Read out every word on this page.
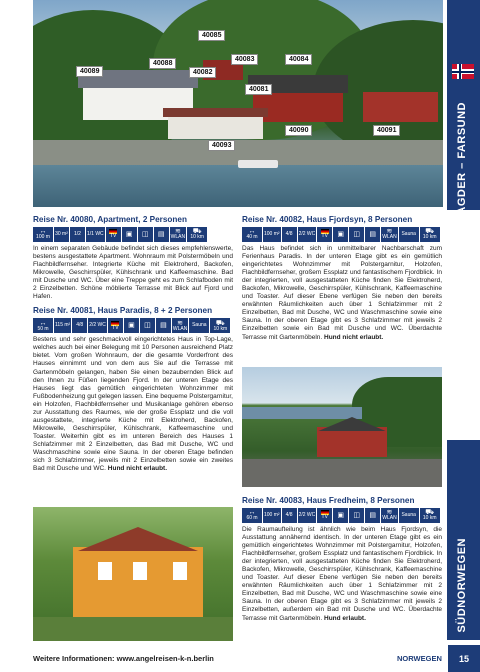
40085
40088
40083	40084
40089	40082
40081
40090	40091
40093	AGDER – FARSUND
SÜDNORWEGEN
Reise Nr. 40080, Apartment, 2 Personen
↔
100 m
30 m² 1/2 1/1 WC TV ▣ ◫ ▤ ≋
WLAN
⛟
10 km

In einem separaten Gebäude befindet sich dieses empfehlenswerte, bestens ausgestattete Apartment. Wohnraum mit Polstermöbeln und Flachbildfernseher. Integrierte Küche mit Elektroherd, Backofen, Mikrowelle, Geschirrspüler, Kühlschrank und Kaffeemaschine. Bad mit Dusche und WC. Über eine Treppe geht es zum Schlafboden mit 2 Einzelbetten. Schöne möblierte Terrasse mit Blick auf Fjord und Hafen.

Reise Nr. 40081, Haus Paradis, 8 + 2 Personen
↔
50 m
115 m² 4/8 2/2 WC TV ▣ ◫ ▤ ≋
WLAN
Sauna ⛟
10 km

Bestens und sehr geschmackvoll eingerichtetes Haus in Top-Lage, welches auch bei einer Belegung mit 10 Personen ausreichend Platz bietet. Vom großen Wohnraum, der die gesamte Vorderfront des Hauses einnimmt und von dem aus Sie auf die Terrasse mit Gartenmöbeln gelangen, haben Sie einen bezaubernden Blick auf den Ihnen zu Füßen liegenden Fjord. In der unteren Etage des Hauses liegt das gemütlich eingerichteten Wohnzimmer mit Fußbodenheizung gut gelegen lassen. Eine bequeme Polstergarnitur, ein Holzofen, Flachbildfernseher und Musikanlage gehören ebenso zur Ausstattung des Raumes, wie der große Essplatz und die voll ausgestattete, integrierte Küche mit Elektroherd, Backofen, Mikrowelle, Geschirrspüler, Kühlschrank, Kaffeemaschine und Toaster. Weiterhin gibt es im unteren Bereich des Hauses 1 Schlafzimmer mit 2 Einzelbetten, das Bad mit Dusche, WC und Waschmaschine sowie eine Sauna. In der oberen Etage befinden sich 3 Schlafzimmer, jeweils mit 2 Einzelbetten sowie ein zweites Bad mit Dusche und WC. Hund nicht erlaubt.

Reise Nr. 40082, Haus Fjordsyn, 8 Personen
↔
40 m
100 m² 4/8 2/2 WC TV ▣ ◫ ▤ ≋
WLAN
Sauna ⛟
10 km

Das Haus befindet sich in unmittelbarer Nachbarschaft zum Ferienhaus Paradis. In der unteren Etage gibt es ein gemütlich eingerichtetes Wohnzimmer mit Polstergarnitur, Holzofen, Flachbildfernseher, großem Essplatz und fantastischem Fjordblick. In der integrierten, voll ausgestatteten Küche finden Sie Elektroherd, Backofen, Mikrowelle, Geschirrspüler, Kühlschrank, Kaffeemaschine und Toaster. Auf dieser Ebene verfügen Sie neben den bereits erwähnten Räumlichkeiten auch über 1 Schlafzimmer mit 2 Einzelbetten, Bad mit Dusche, WC und Waschmaschine sowie eine Sauna. In der oberen Etage gibt es 3 Schlafzimmer mit jeweils 2 Einzelbetten sowie ein Bad mit Dusche und WC. Überdachte Terrasse mit Gartenmöbeln. Hund nicht erlaubt.

Reise Nr. 40083, Haus Fredheim, 8 Personen
↔
60 m
100 m² 4/8 2/2 WC TV ▣ ◫ ▤ ≋
WLAN
Sauna ⛟
10 km

Die Raumaufteilung ist ähnlich wie beim Haus Fjordsyn, die Ausstattung annähernd identisch. In der unteren Etage gibt es ein gemütlich eingerichtetes Wohnzimmer mit Polstergarnitur, Holzofen, Flachbildfernseher, großem Essplatz und fantastischem Fjordblick. In der integrierten, voll ausgestatteten Küche finden Sie Elektroherd, Backofen, Mikrowelle, Geschirrspüler, Kühlschrank, Kaffeemaschine und Toaster. Auf dieser Ebene verfügen Sie neben den bereits erwähnten Räumlichkeiten auch über 1 Schlafzimmer mit 2 Einzelbetten, Bad mit Dusche, WC und Waschmaschine sowie eine Sauna. In der oberen Etage gibt es 3 Schlafzimmer mit jeweils 2 Einzelbetten, außerdem ein Bad mit Dusche und WC. Überdachte Terrasse mit Gartenmöbeln. Hund erlaubt.

Weitere Informationen: www.angelreisen-k-n.berlin	NORWEGEN	15
